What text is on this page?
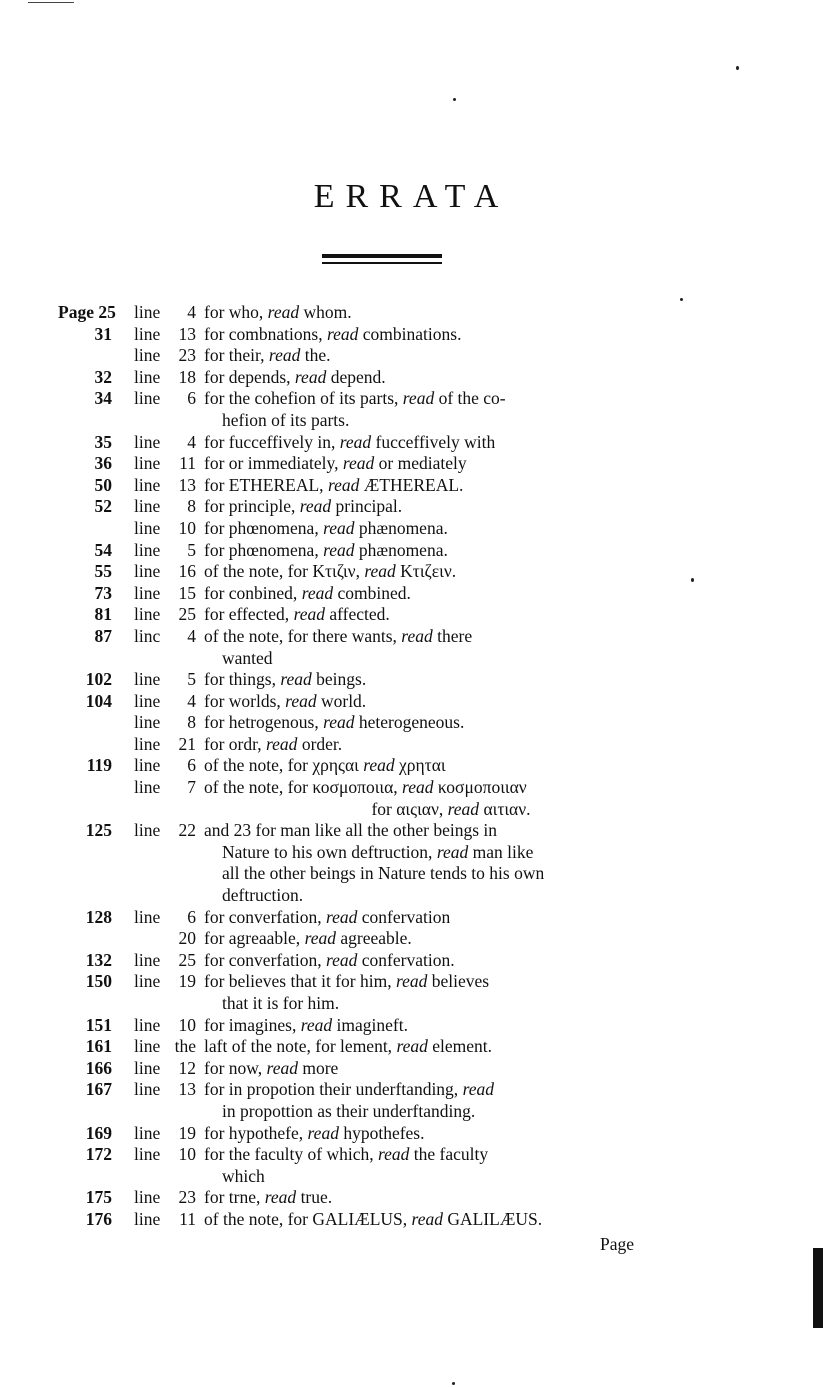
ERRATA
Page 25	line	4 for who, read whom.
31	line	13 for combnations, read combinations.
line	23 for their, read the.
32	line	18 for depends, read depend.
34	line	6 for the cohefion of its parts, read of the co-
hefion of its parts.
35	line	4 for fucceffively in, read fucceffively with
36	line	11 for or immediately, read or mediately
50	line	13 for ETHEREAL, read ÆTHEREAL.
52	line	8 for principle, read principal.
line	10 for phœnomena, read phænomena.
54	line	5 for phœnomena, read phænomena.
55	line	16 of the note, for Κτιζιν, read Κτιζειν.
73	line	15 for conbined, read combined.
81	line	25 for effected, read affected.
87	linc	4 of the note, for there wants, read there
wanted
102	line	5 for things, read beings.
104	line	4 for worlds, read world.
line	8 for hetrogenous, read heterogeneous.
line	21 for ordr, read order.
119	line	6 of the note, for χρηςαι read χρηται
line	7 of the note, for κοσμοποιια, read κοσμοποιιαν
for αιςιαν, read αιτιαν.
125	line	22 and 23 for man like all the other beings in
Nature to his own deftruction, read man like
all the other beings in Nature tends to his own
deftruction.
128	line	6 for converfation, read confervation
20 for agreaable, read agreeable.
132	line	25 for converfation, read confervation.
150	line	19 for believes that it for him, read believes
that it is for him.
151	line	10 for imagines, read imagineft.
161	line the laft of the note, for lement, read element.
166	line	12 for now, read more
167	line	13 for in propotion their underftanding, read
in propottion as their underftanding.
169	line	19 for hypothefe, read hypothefes.
172	line	10 for the faculty of which, read the faculty
which
175	line	23 for trne, read true.
176	line	11 of the note, for GALIÆLUS, read GALILÆUS.
Page
